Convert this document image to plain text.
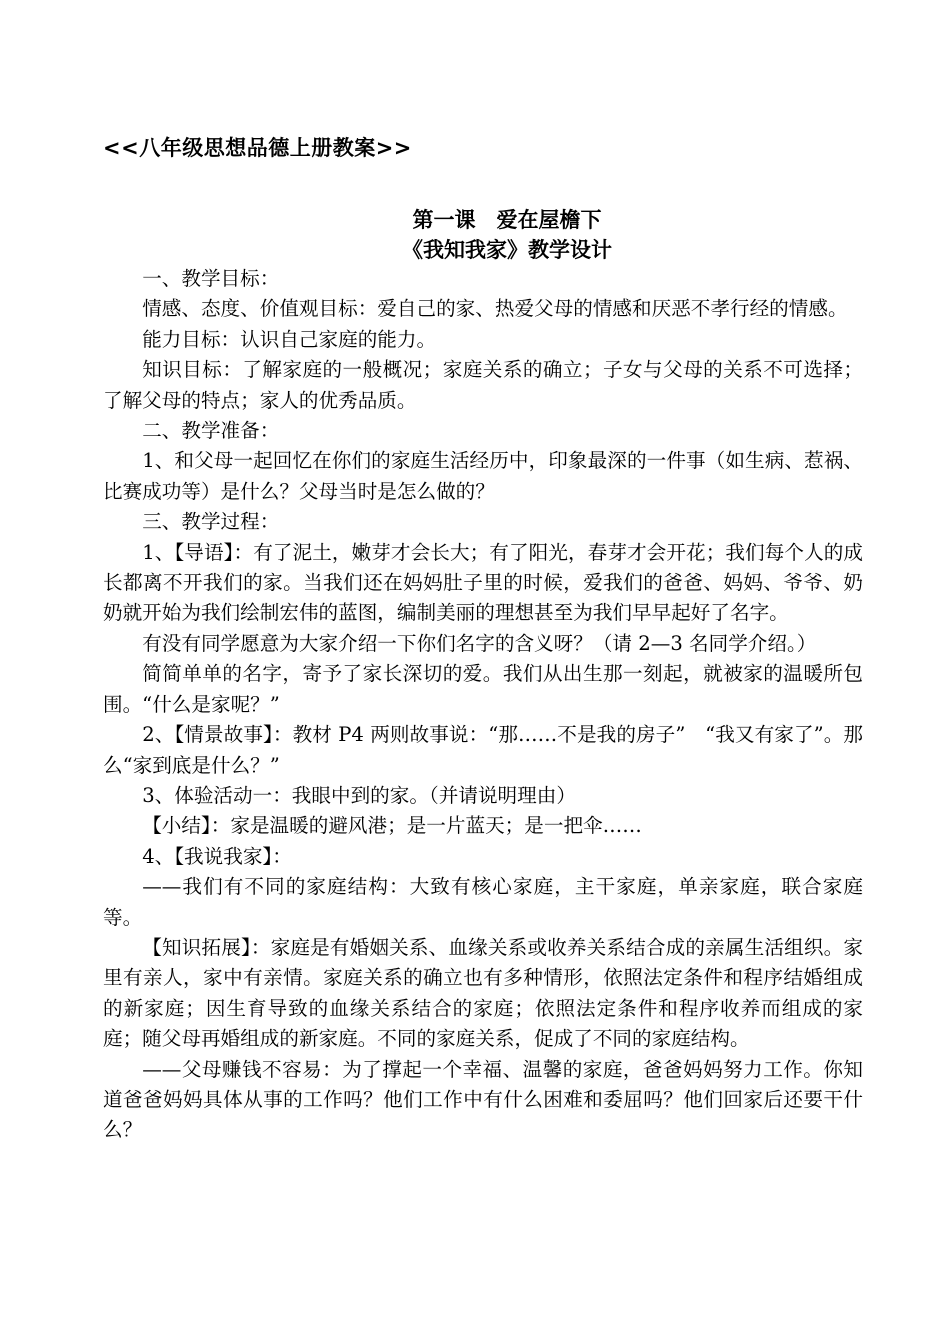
<<八年级思想品德上册教案>>
第一课　爱在屋檐下
《我知我家》教学设计

一、教学目标：

情感、态度、价值观目标：爱自己的家、热爱父母的情感和厌恶不孝行经的情感。

能力目标：认识自己家庭的能力。

知识目标：了解家庭的一般概况；家庭关系的确立；子女与父母的关系不可选择；了解父母的特点；家人的优秀品质。

二、教学准备：

1、和父母一起回忆在你们的家庭生活经历中，印象最深的一件事（如生病、惹祸、比赛成功等）是什么？父母当时是怎么做的？

三、教学过程：

1、【导语】：有了泥土，嫩芽才会长大；有了阳光，春芽才会开花；我们每个人的成长都离不开我们的家。当我们还在妈妈肚子里的时候，爱我们的爸爸、妈妈、爷爷、奶奶就开始为我们绘制宏伟的蓝图，编制美丽的理想甚至为我们早早起好了名字。

有没有同学愿意为大家介绍一下你们名字的含义呀？（请 2—3 名同学介绍。）

简简单单的名字，寄予了家长深切的爱。我们从出生那一刻起，就被家的温暖所包围。“什么是家呢？”

2、【情景故事】：教材 P4 两则故事说：“那……不是我的房子”　“我又有家了”。那么“家到底是什么？”

3、体验活动一：我眼中到的家。（并请说明理由）

【小结】：家是温暖的避风港；是一片蓝天；是一把伞……

4、【我说我家】：

——我们有不同的家庭结构：大致有核心家庭，主干家庭，单亲家庭，联合家庭等。

【知识拓展】：家庭是有婚姻关系、血缘关系或收养关系结合成的亲属生活组织。家里有亲人，家中有亲情。家庭关系的确立也有多种情形，依照法定条件和程序结婚组成的新家庭；因生育导致的血缘关系结合的家庭；依照法定条件和程序收养而组成的家庭；随父母再婚组成的新家庭。不同的家庭关系，促成了不同的家庭结构。

——父母赚钱不容易：为了撑起一个幸福、温馨的家庭，爸爸妈妈努力工作。你知道爸爸妈妈具体从事的工作吗？他们工作中有什么困难和委屈吗？他们回家后还要干什么？
